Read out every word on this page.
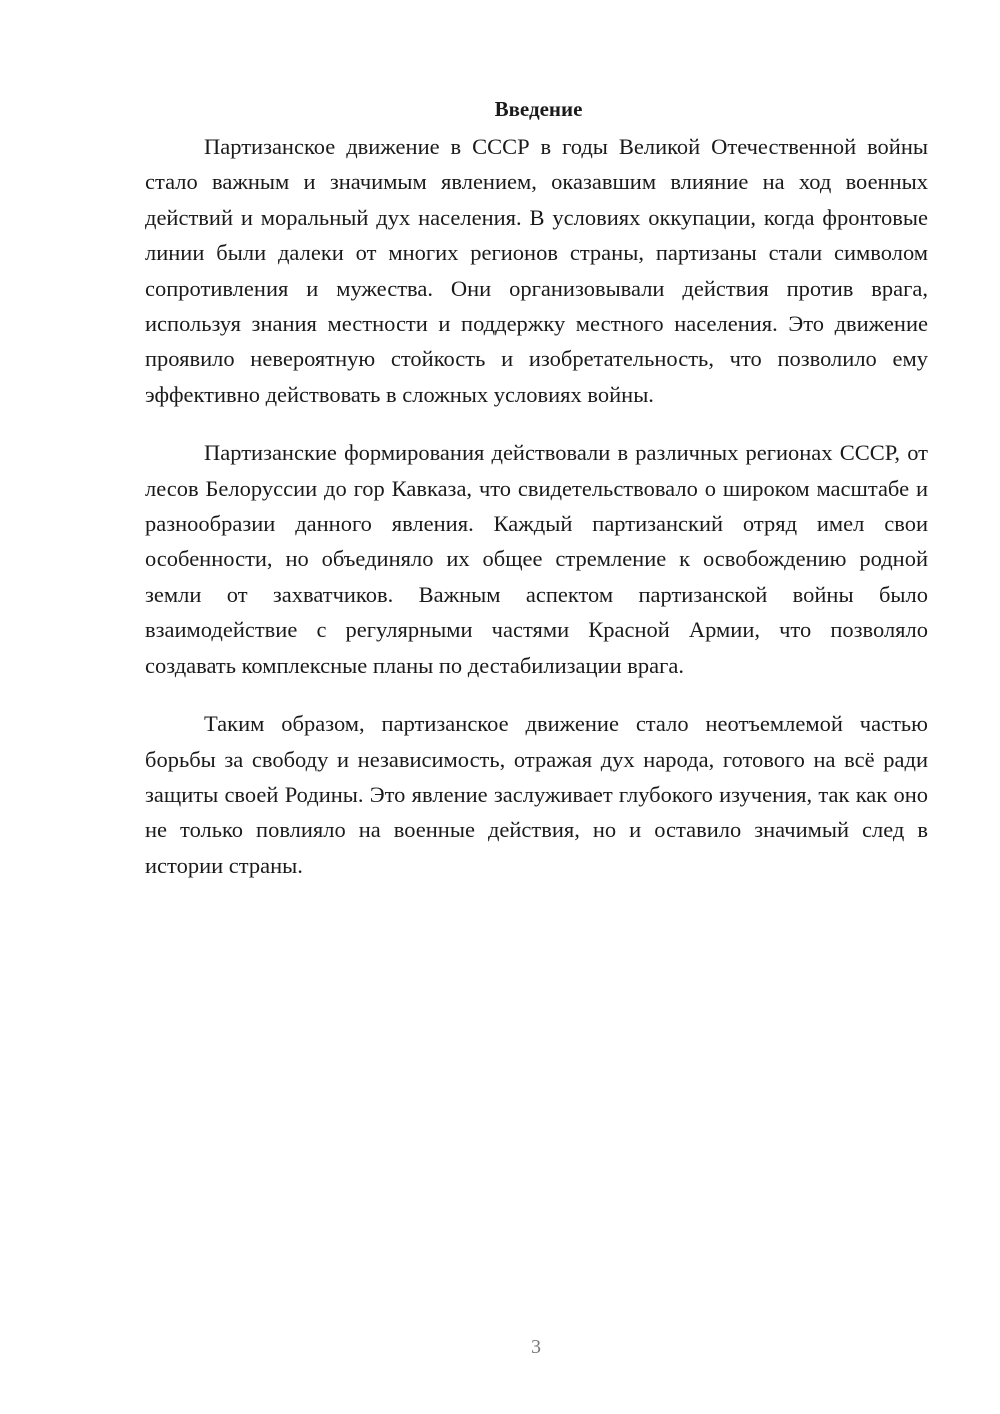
Введение

Партизанское движение в СССР в годы Великой Отечественной войны стало важным и значимым явлением, оказавшим влияние на ход военных действий и моральный дух населения. В условиях оккупации, когда фронтовые линии были далеки от многих регионов страны, партизаны стали символом сопротивления и мужества. Они организовывали действия против врага, используя знания местности и поддержку местного населения. Это движение проявило невероятную стойкость и изобретательность, что позволило ему эффективно действовать в сложных условиях войны.

Партизанские формирования действовали в различных регионах СССР, от лесов Белоруссии до гор Кавказа, что свидетельствовало о широком масштабе и разнообразии данного явления. Каждый партизанский отряд имел свои особенности, но объединяло их общее стремление к освобождению родной земли от захватчиков. Важным аспектом партизанской войны было взаимодействие с регулярными частями Красной Армии, что позволяло создавать комплексные планы по дестабилизации врага.

Таким образом, партизанское движение стало неотъемлемой частью борьбы за свободу и независимость, отражая дух народа, готового на всё ради защиты своей Родины. Это явление заслуживает глубокого изучения, так как оно не только повлияло на военные действия, но и оставило значимый след в истории страны.

3
